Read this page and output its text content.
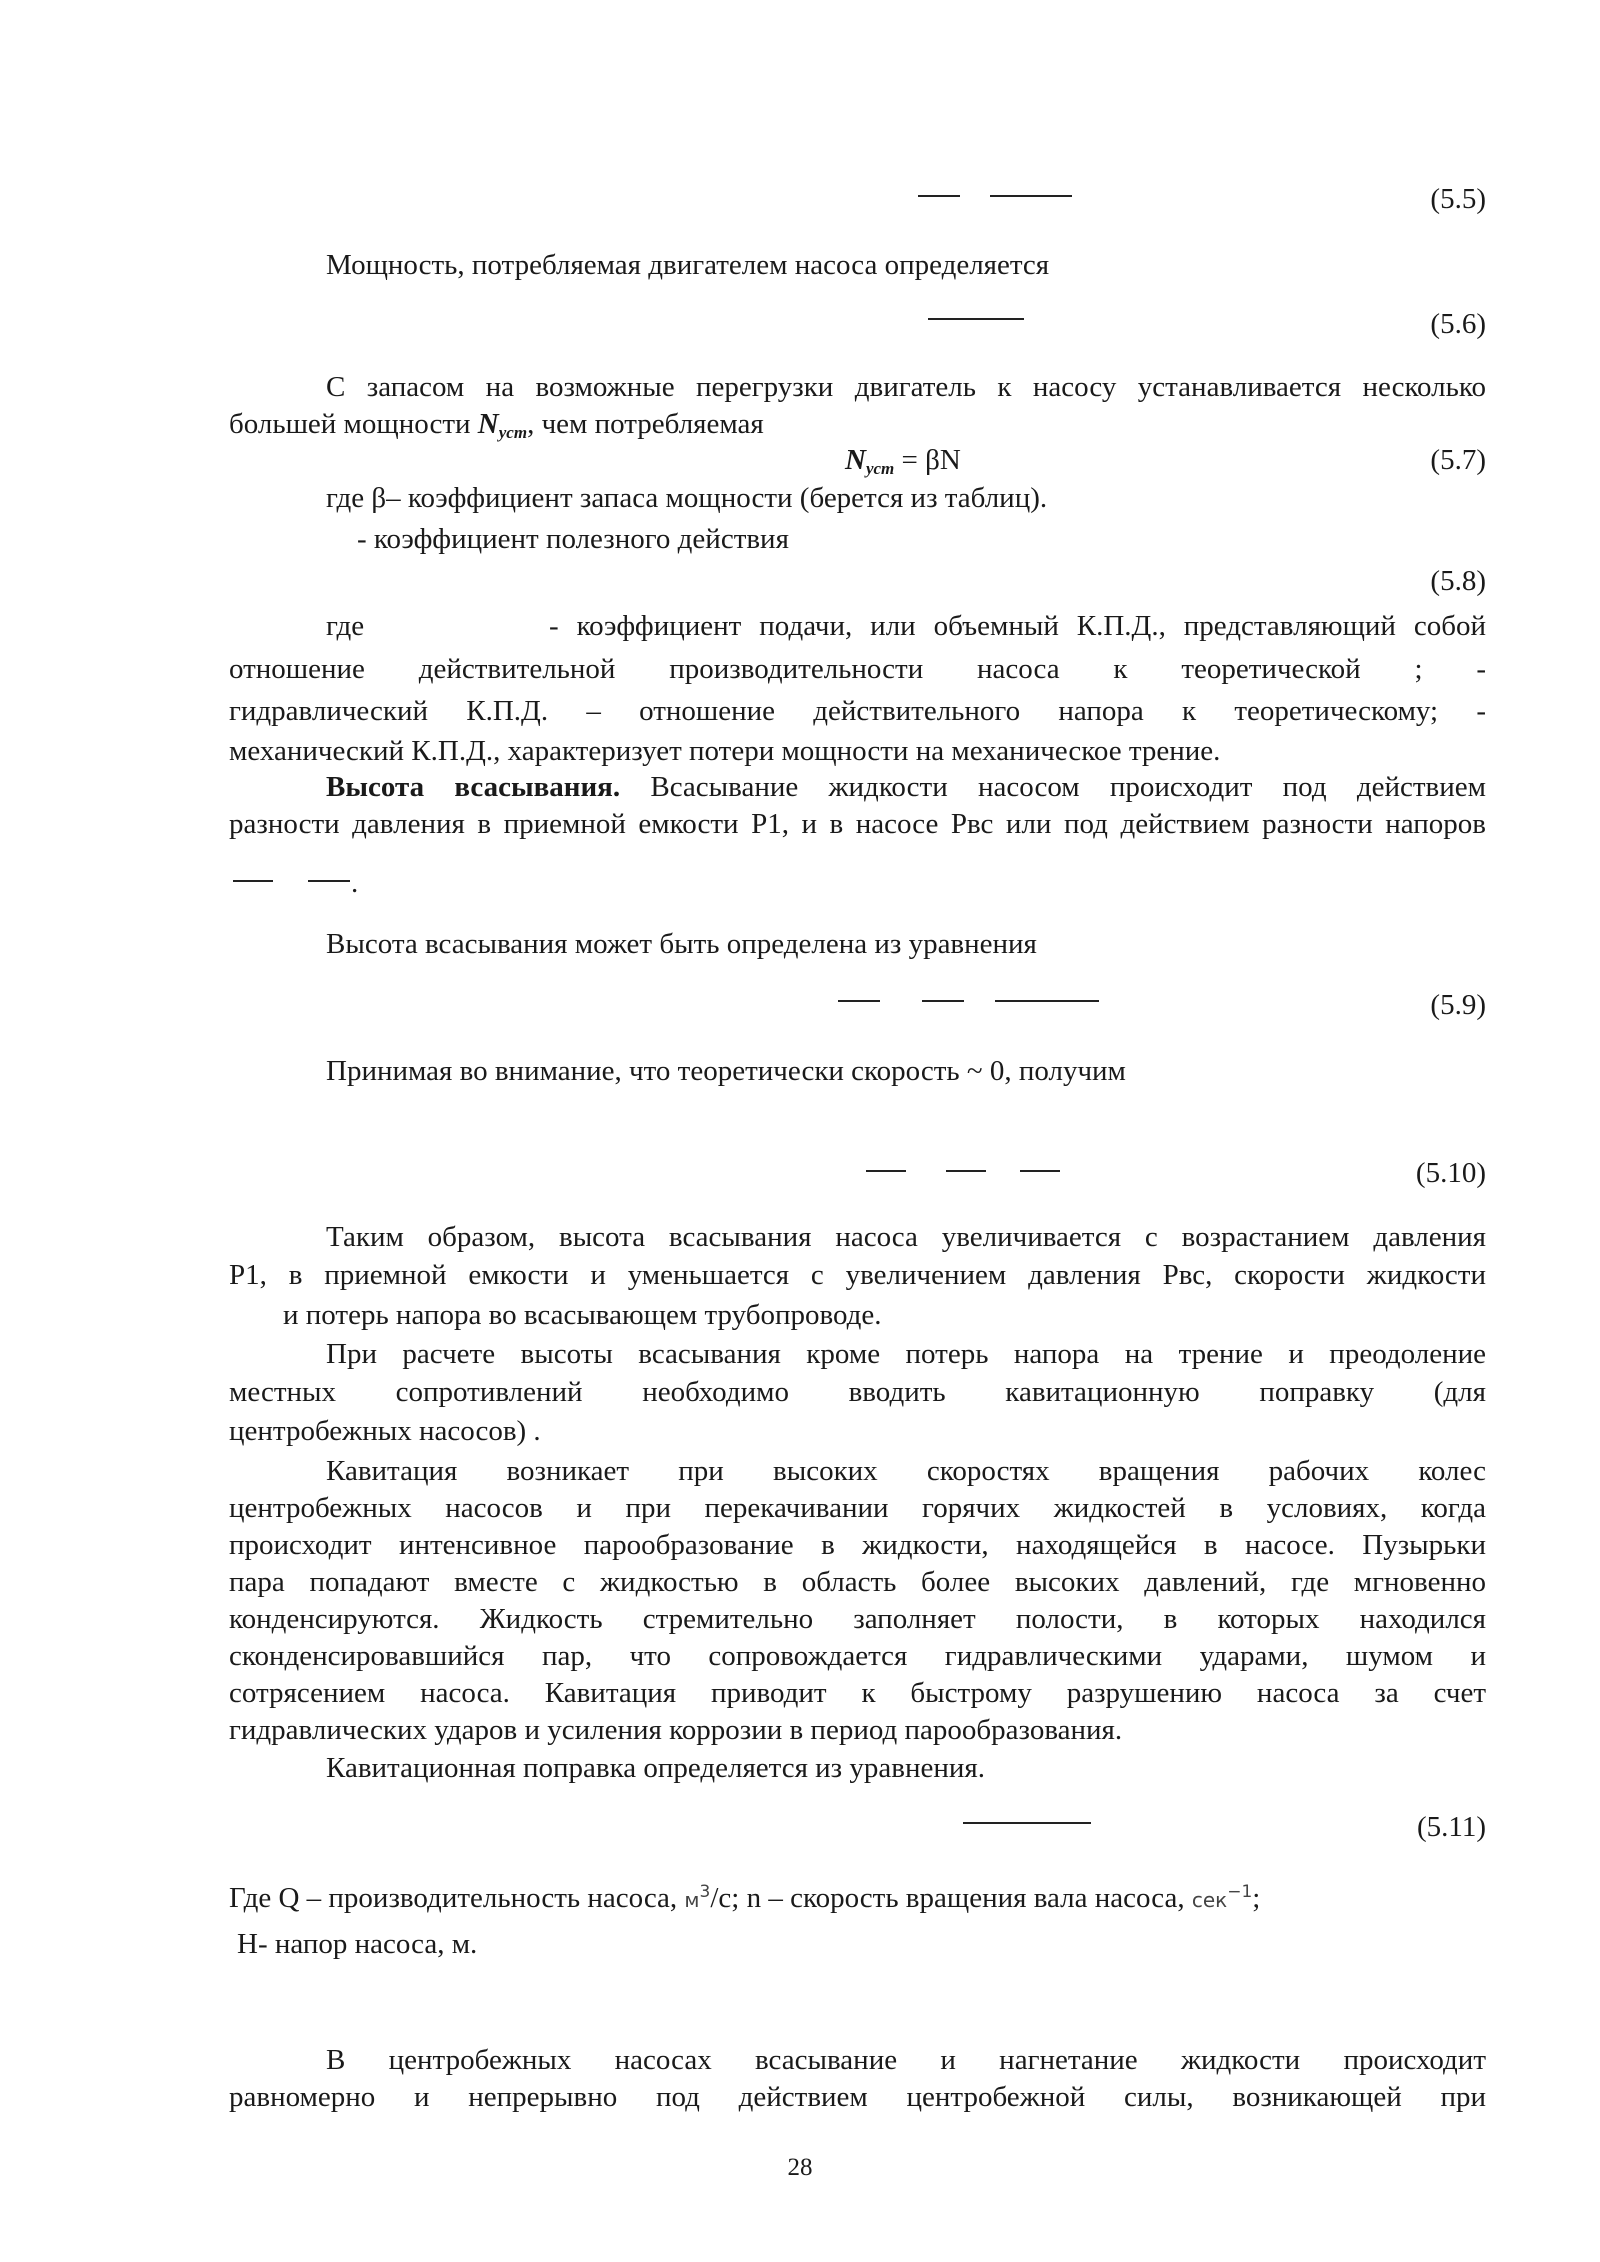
(5.5)
Мощность, потребляемая двигателем насоса определяется
(5.6)
С запасом на возможные перегрузки двигатель к насосу устанавливается несколько
большей мощности $N_{уст}$, чем потребляемая
$N_{уст} = \beta N$	(5.7)
где β– коэффициент запаса мощности (берется из таблиц).
- коэффициент полезного действия
(5.8)
где	- коэффициент подачи, или объемный К.П.Д., представляющий собой
отношение действительной производительности насоса к теоретической ; -
гидравлический К.П.Д. – отношение действительного напора к теоретическому; -
механический К.П.Д., характеризует потери мощности на механическое трение.
Высота всасывания. Всасывание жидкости насосом происходит под действием
разности давления в приемной емкости Р1, и в насосе Рвс или под действием разности напоров
.
Высота всасывания может быть определена из уравнения
(5.9)
Принимая во внимание, что теоретически скорость ~ 0, получим
(5.10)
Таким образом, высота всасывания насоса увеличивается с возрастанием давления
Р1, в приемной емкости и уменьшается с увеличением давления Рвс, скорости жидкости
и потерь напора во всасывающем трубопроводе.
При расчете высоты всасывания кроме потерь напора на трение и преодоление
местных сопротивлений необходимо вводить кавитационную поправку (для
центробежных насосов) .
Кавитация возникает при высоких скоростях вращения рабочих колес
центробежных насосов и при перекачивании горячих жидкостей в условиях, когда
происходит интенсивное парообразование в жидкости, находящейся в насосе. Пузырьки
пара попадают вместе с жидкостью в область более высоких давлений, где мгновенно
конденсируются. Жидкость стремительно заполняет полости, в которых находился
сконденсировавшийся пар, что сопровождается гидравлическими ударами, шумом и
сотрясением насоса. Кавитация приводит к быстрому разрушению насоса за счет
гидравлических ударов и усиления коррозии в период парообразования.
Кавитационная поправка определяется из уравнения.
(5.11)
Где Q – производительность насоса, $м^3/c$; n – скорость вращения вала насоса, сек$^{-1}$;
H- напор насоса, м.
В центробежных насосах всасывание и нагнетание жидкости происходит
равномерно и непрерывно под действием центробежной силы, возникающей при
28
